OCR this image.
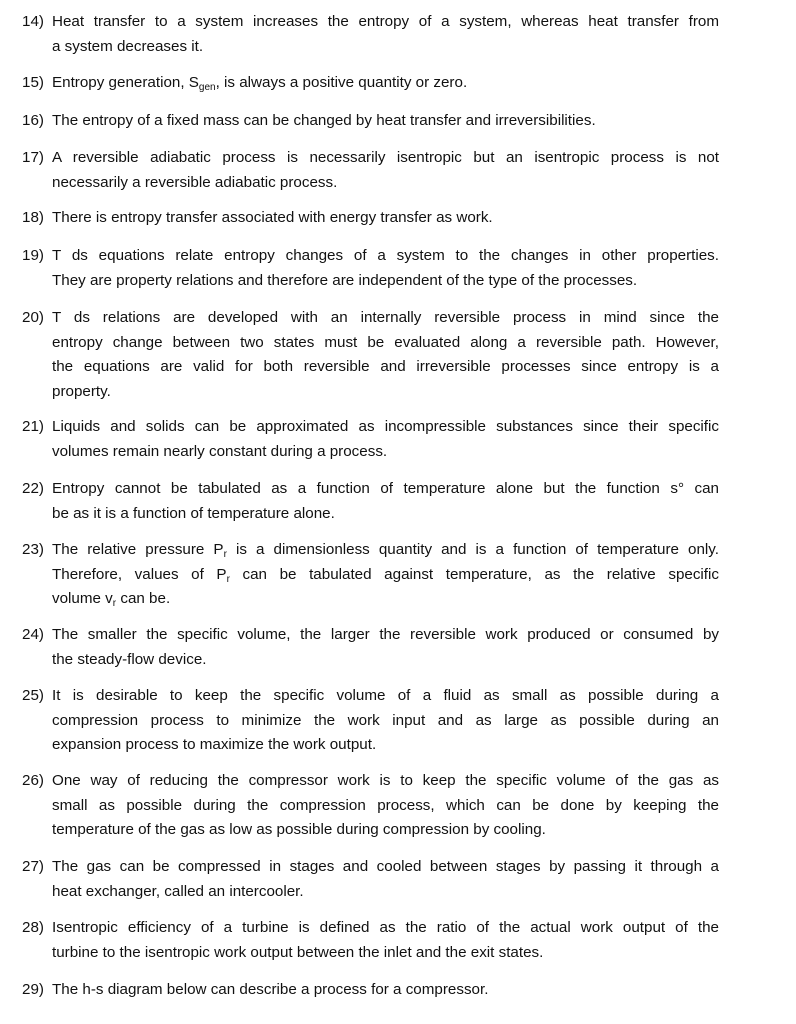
14) Heat transfer to a system increases the entropy of a system, whereas heat transfer from
a system decreases it.
15) Entropy generation, $S_{gen}$, is always a positive quantity or zero.
16) The entropy of a fixed mass can be changed by heat transfer and irreversibilities.
17) A reversible adiabatic process is necessarily isentropic but an isentropic process is not
necessarily a reversible adiabatic process.
18) There is entropy transfer associated with energy transfer as work.
19) T ds equations relate entropy changes of a system to the changes in other properties.
They are property relations and therefore are independent of the type of the processes.
20) T ds relations are developed with an internally reversible process in mind since the
entropy change between two states must be evaluated along a reversible path. However,
the equations are valid for both reversible and irreversible processes since entropy is a
property.
21) Liquids and solids can be approximated as incompressible substances since their specific
volumes remain nearly constant during a process.
22) Entropy cannot be tabulated as a function of temperature alone but the function s° can
be as it is a function of temperature alone.
23) The relative pressure $P_r$ is a dimensionless quantity and is a function of temperature only.
Therefore, values of $P_r$ can be tabulated against temperature, as the relative specific
volume $v_r$ can be.
24) The smaller the specific volume, the larger the reversible work produced or consumed by
the steady-flow device.
25) It is desirable to keep the specific volume of a fluid as small as possible during a
compression process to minimize the work input and as large as possible during an
expansion process to maximize the work output.
26) One way of reducing the compressor work is to keep the specific volume of the gas as
small as possible during the compression process, which can be done by keeping the
temperature of the gas as low as possible during compression by cooling.
27) The gas can be compressed in stages and cooled between stages by passing it through a
heat exchanger, called an intercooler.
28) Isentropic efficiency of a turbine is defined as the ratio of the actual work output of the
turbine to the isentropic work output between the inlet and the exit states.
29) The h-s diagram below can describe a process for a compressor.
